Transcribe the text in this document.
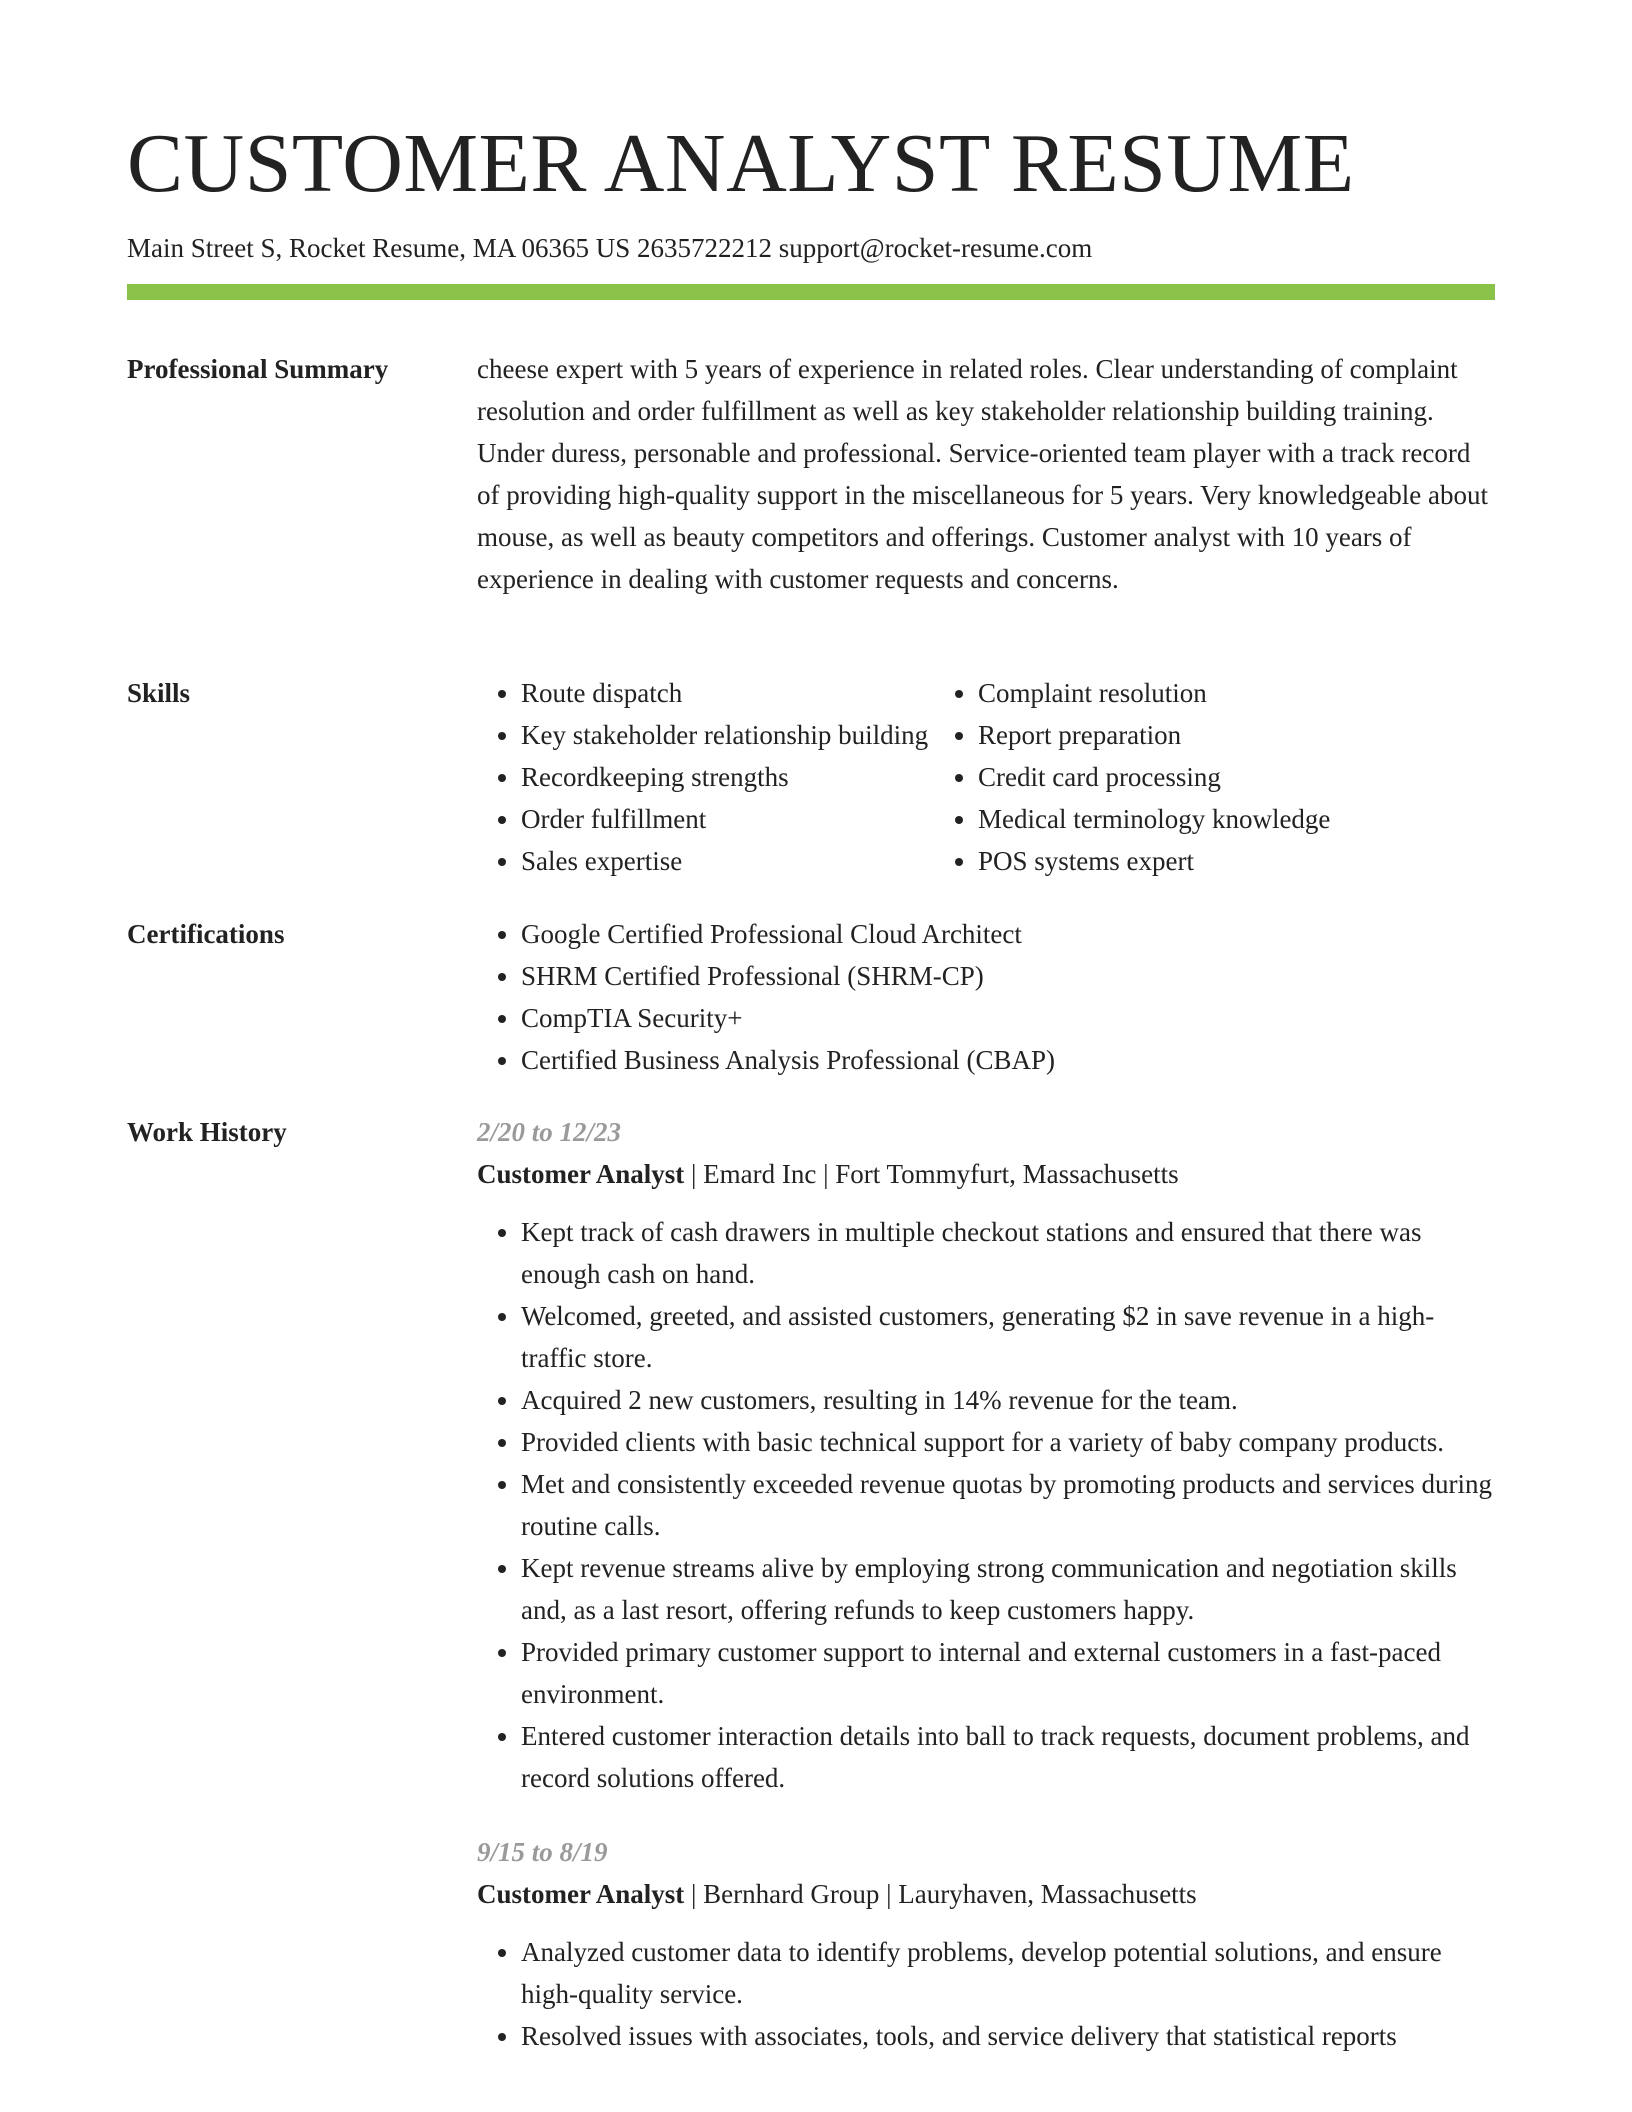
CUSTOMER ANALYST RESUME
Main Street S, Rocket Resume, MA 06365 US 2635722212 support@rocket-resume.com
Professional Summary	cheese expert with 5 years of experience in related roles. Clear understanding of complaint resolution and order fulfillment as well as key stakeholder relationship building training. Under duress, personable and professional. Service-oriented team player with a track record of providing high-quality support in the miscellaneous for 5 years. Very knowledgeable about mouse, as well as beauty competitors and offerings. Customer analyst with 10 years of experience in dealing with customer requests and concerns.

Skills	• Route dispatch
• Key stakeholder relationship building
• Recordkeeping strengths
• Order fulfillment
• Sales expertise
• Complaint resolution
• Report preparation
• Credit card processing
• Medical terminology knowledge
• POS systems expert
Certifications	• Google Certified Professional Cloud Architect
• SHRM Certified Professional (SHRM-CP)
• CompTIA Security+
• Certified Business Analysis Professional (CBAP)
Work History	2/20 to 12/23
Customer Analyst | Emard Inc | Fort Tommyfurt, Massachusetts
• Kept track of cash drawers in multiple checkout stations and ensured that there was enough cash on hand.
• Welcomed, greeted, and assisted customers, generating $2 in save revenue in a high-traffic store.
• Acquired 2 new customers, resulting in 14% revenue for the team.
• Provided clients with basic technical support for a variety of baby company products.
• Met and consistently exceeded revenue quotas by promoting products and services during routine calls.
• Kept revenue streams alive by employing strong communication and negotiation skills and, as a last resort, offering refunds to keep customers happy.
• Provided primary customer support to internal and external customers in a fast-paced environment.
• Entered customer interaction details into ball to track requests, document problems, and record solutions offered.
9/15 to 8/19
Customer Analyst | Bernhard Group | Lauryhaven, Massachusetts
• Analyzed customer data to identify problems, develop potential solutions, and ensure high-quality service.
• Resolved issues with associates, tools, and service delivery that statistical reports
